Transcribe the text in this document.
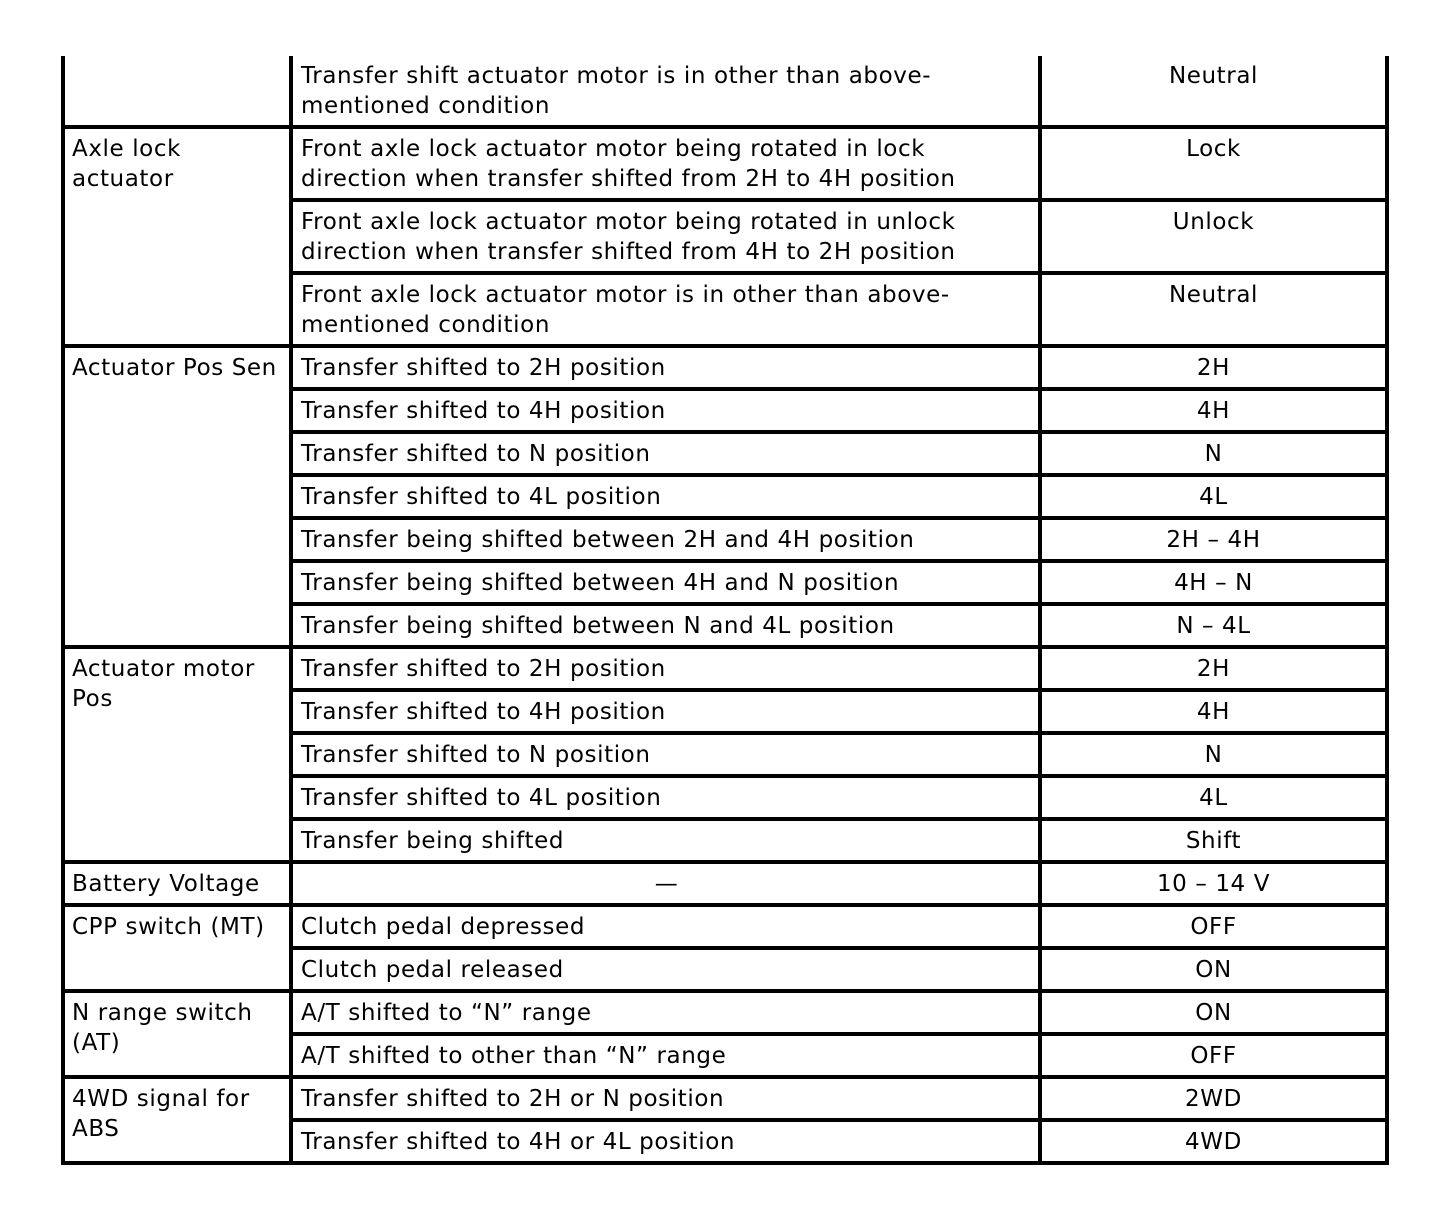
	Transfer shift actuator motor is in other than above-mentioned condition	Neutral
Axle lock actuator	Front axle lock actuator motor being rotated in lock direction when transfer shifted from 2H to 4H position	Lock
	Front axle lock actuator motor being rotated in unlock direction when transfer shifted from 4H to 2H position	Unlock
	Front axle lock actuator motor is in other than above-mentioned condition	Neutral
Actuator Pos Sen	Transfer shifted to 2H position	2H
	Transfer shifted to 4H position	4H
	Transfer shifted to N position	N
	Transfer shifted to 4L position	4L
	Transfer being shifted between 2H and 4H position	2H – 4H
	Transfer being shifted between 4H and N position	4H – N
	Transfer being shifted between N and 4L position	N – 4L
Actuator motor Pos	Transfer shifted to 2H position	2H
	Transfer shifted to 4H position	4H
	Transfer shifted to N position	N
	Transfer shifted to 4L position	4L
	Transfer being shifted	Shift
Battery Voltage	—	10 – 14 V
CPP switch (MT)	Clutch pedal depressed	OFF
	Clutch pedal released	ON
N range switch (AT)	A/T shifted to “N” range	ON
	A/T shifted to other than “N” range	OFF
4WD signal for ABS	Transfer shifted to 2H or N position	2WD
	Transfer shifted to 4H or 4L position	4WD
